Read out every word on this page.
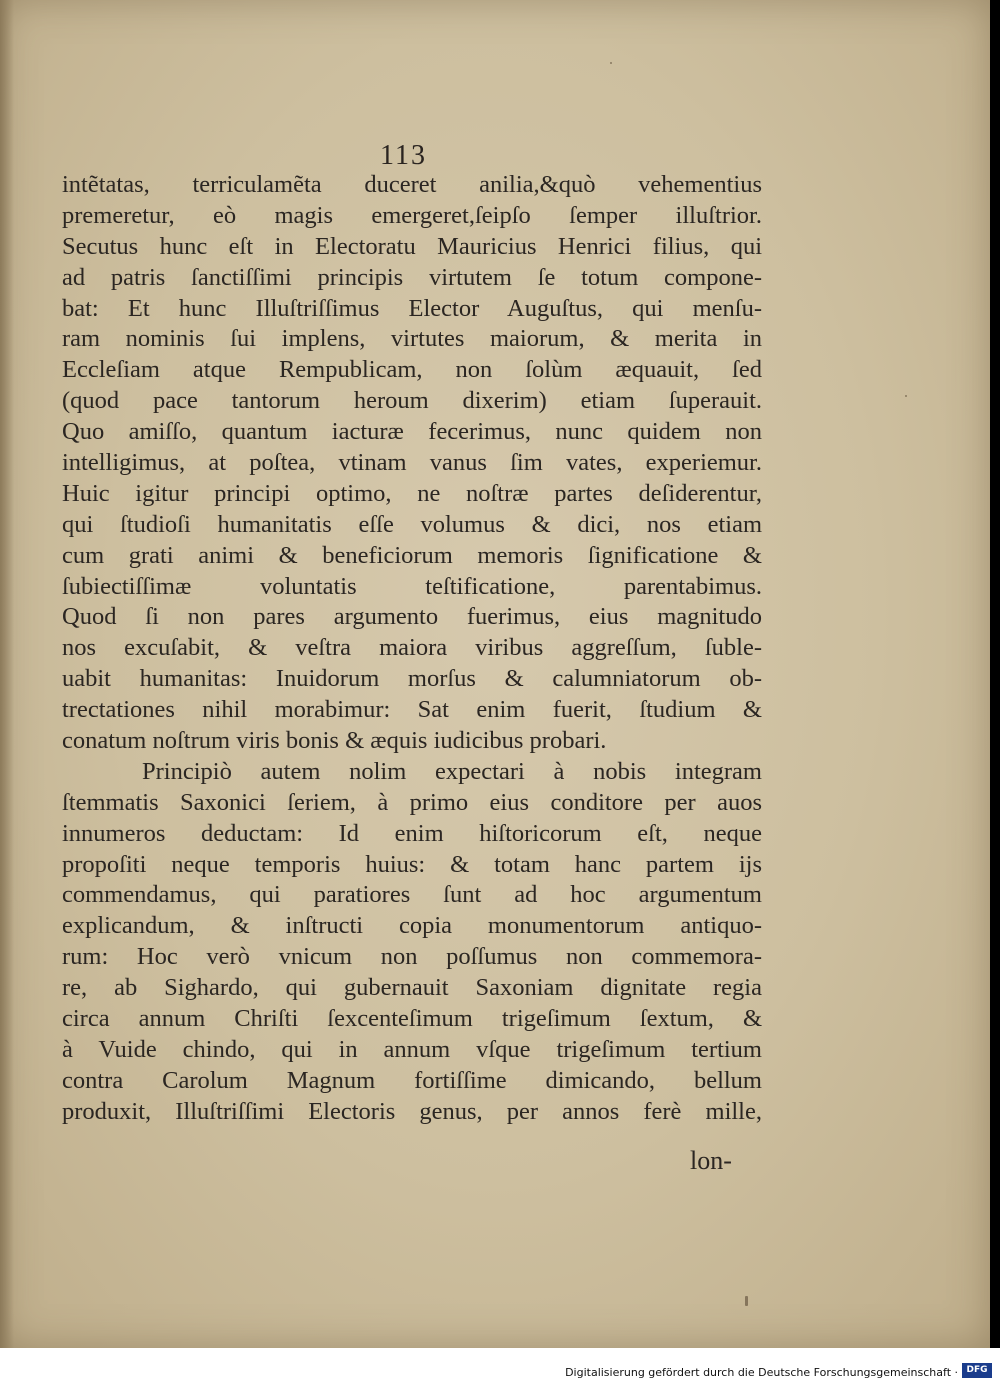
113
intẽtatas, terriculamẽta duceret anilia,&quò vehementius
premeretur, eò magis emergeret,ſeipſo ſemper illuſtrior.
Secutus hunc eſt in Electoratu Mauricius Henrici filius, qui
ad patris ſanctiſſimi principis virtutem ſe totum compone-
bat: Et hunc Illuſtriſſimus Elector Auguſtus, qui menſu-
ram nominis ſui implens, virtutes maiorum, & merita in
Eccleſiam atque Rempublicam, non ſolùm æquauit, ſed
(quod pace tantorum heroum dixerim) etiam ſuperauit.
Quo amiſſo, quantum iacturæ fecerimus, nunc quidem non
intelligimus, at poſtea, vtinam vanus ſim vates, experiemur.
Huic igitur principi optimo, ne noſtræ partes deſiderentur,
qui ſtudioſi humanitatis eſſe volumus & dici, nos etiam
cum grati animi & beneficiorum memoris ſignificatione &
ſubiectiſſimæ voluntatis teſtificatione, parentabimus.
Quod ſi non pares argumento fuerimus, eius magnitudo
nos excuſabit, & veſtra maiora viribus aggreſſum, ſuble-
uabit humanitas: Inuidorum morſus & calumniatorum ob-
trectationes nihil morabimur: Sat enim fuerit, ſtudium &
conatum noſtrum viris bonis & æquis iudicibus probari.
Principiò autem nolim expectari à nobis integram
ſtemmatis Saxonici ſeriem, à primo eius conditore per auos
innumeros deductam: Id enim hiſtoricorum eſt, neque
propoſiti neque temporis huius: & totam hanc partem ijs
commendamus, qui paratiores ſunt ad hoc argumentum
explicandum, & inſtructi copia monumentorum antiquo-
rum: Hoc verò vnicum non poſſumus non commemora-
re, ab Sighardo, qui gubernauit Saxoniam dignitate regia
circa annum Chriſti ſexcenteſimum trigeſimum ſextum, &
à Vuide chindo, qui in annum vſque trigeſimum tertium
contra Carolum Magnum fortiſſime dimicando, bellum
produxit, Illuſtriſſimi Electoris genus, per annos ferè mille,
lon-
Digitalisierung gefördert durch die Deutsche Forschungsgemeinschaft · DFG
